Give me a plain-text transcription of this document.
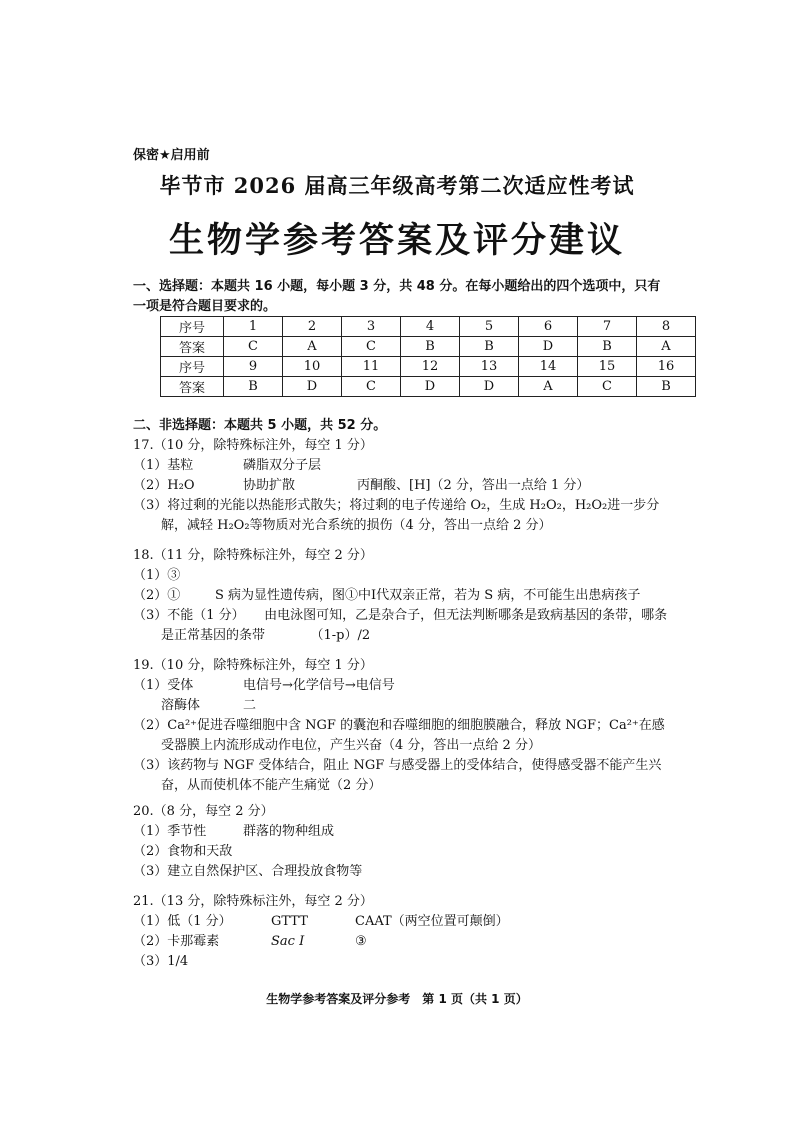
保密★启用前
毕节市 2026 届高三年级高考第二次适应性考试
生物学参考答案及评分建议
一、选择题：本题共 16 小题，每小题 3 分，共 48 分。在每小题给出的四个选项中，只有一项是符合题目要求的。
序号	1	2	3	4	5	6	7	8
答案	C	A	C	B	B	D	B	A
序号	9	10	11	12	13	14	15	16
答案	B	D	C	D	D	A	C	B
二、非选择题：本题共 5 小题，共 52 分。
17.（10 分，除特殊标注外，每空 1 分）
（1）基粒	磷脂双分子层
（2）H₂O	协助扩散	丙酮酸、[H]（2 分，答出一点给 1 分）
（3）将过剩的光能以热能形式散失；将过剩的电子传递给 O₂，生成 H₂O₂，H₂O₂进一步分解，减轻 H₂O₂等物质对光合系统的损伤（4 分，答出一点给 2 分）
18.（11 分，除特殊标注外，每空 2 分）
（1）③
（2）①	S 病为显性遗传病，图①中Ⅰ代双亲正常，若为 S 病，不可能生出患病孩子
（3）不能（1 分）　　由电泳图可知，乙是杂合子，但无法判断哪条是致病基因的条带，哪条是正常基因的条带　　　　（1-p）/2
19.（10 分，除特殊标注外，每空 1 分）
（1）受体	电信号→化学信号→电信号
溶酶体	二
（2）Ca²⁺促进吞噬细胞中含 NGF 的囊泡和吞噬细胞的细胞膜融合，释放 NGF；Ca²⁺在感受器膜上内流形成动作电位，产生兴奋（4 分，答出一点给 2 分）
（3）该药物与 NGF 受体结合，阻止 NGF 与感受器上的受体结合，使得感受器不能产生兴奋，从而使机体不能产生痛觉（2 分）
20.（8 分，每空 2 分）
（1）季节性	群落的物种组成
（2）食物和天敌
（3）建立自然保护区、合理投放食物等
21.（13 分，除特殊标注外，每空 2 分）
（1）低（1 分）	GTTT	CAAT（两空位置可颠倒）
（2）卡那霉素	Sac Ⅰ	③
（3）1/4
生物学参考答案及评分参考　第 1 页（共 1 页）
